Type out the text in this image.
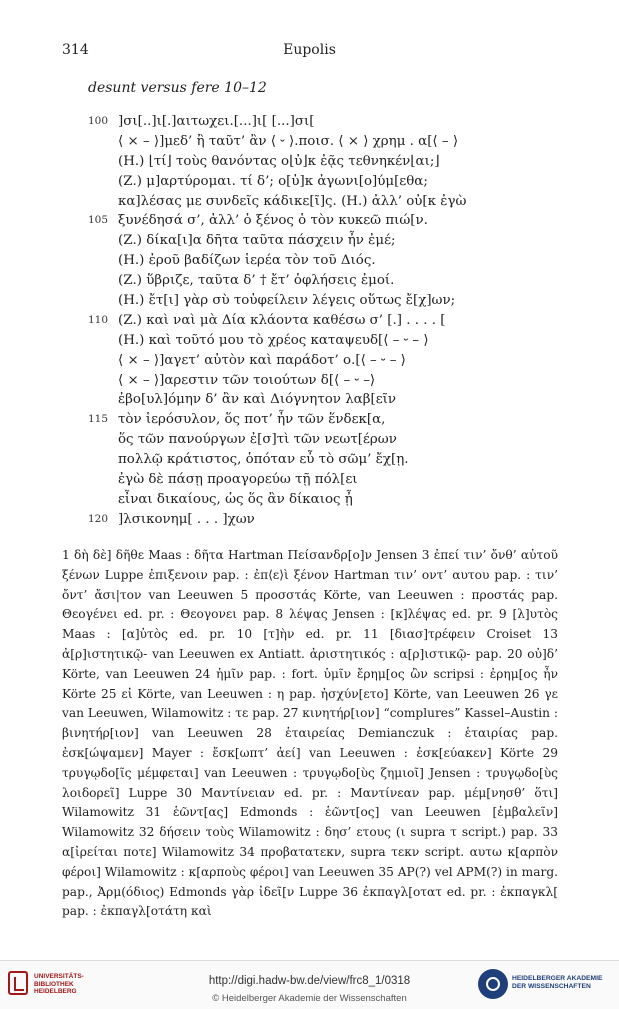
314	Eupolis
desunt versus fere 10–12
100 ]σι[..]ι[.]αιτωχει.[...]ι[ [...]σι[
⟨ × – ⟩]μεδ’ ἢ ταῦτ’ ἂν ⟨ ⏑ ⟩.ποισ. ⟨ × ⟩ χρημ . α[⟨ – ⟩
(Η.) ⌊τί⌋ τοὺς θανόντας ο⌊ὐ⌋κ ἐᾷς τεθνηκέν⌊αι;⌋
(Ζ.) μ]αρτύρομαι. τί δ’; ο[ὐ]κ ἀγωνι[ο]ύμ[εθα;
κα]λέσας με συνδεῖς κάδικε[ῖ]ς. (Η.) ἀλλ’ οὐ[κ ἐγὼ
105 ξυνέδησά σ’, ἀλλ’ ὁ ξένος ὁ τὸν κυκεῶ πιώ[ν.
(Ζ.) δίκα[ι]α δῆτα ταῦτα πάσχειν ἦν ἐμέ;
(Η.) ἐροῦ βαδίζων ἱερέα τὸν τοῦ Διός.
(Ζ.) ὕβριζε, ταῦτα δ’ † ἔτ’ ὀφλήσεις ἐμοί.
(Η.) ἔτ[ι] γὰρ σὺ τοὐφείλειν λέγεις οὕτως ἔ[χ]ων;
110 (Ζ.) καὶ ναὶ μὰ Δία κλάοντα καθέσω σ’ [.] . . . . [
(Η.) καὶ τοῦτό μου τὸ χρέος καταψευδ[⟨ – ⏑ – ⟩
⟨ × – ⟩]αγετ’ αὐτὸν καὶ παράδοτ’ ο.[⟨ – ⏑ – ⟩
⟨ × – ⟩]αρεστιν τῶν τοιούτων δ[⟨ – ⏑ –⟩
ἐβο[υλ]όμην δ’ ἂν καὶ Διόγνητον λαβ[εῖν
115 τὸν ἱερόσυλον, ὅς ποτ’ ἦν τῶν ἕνδεκ[α,
ὅς τῶν πανούργων ἐ[σ]τὶ τῶν νεωτ[έρων
πολλῷ κράτιστος, ὁπόταν εὖ τὸ σῶμ’ ἔχ[ῃ.
ἐγὼ δὲ πάσῃ προαγορεύω τῇ πόλ[ει
εἶναι δικαίους, ὡς ὅς ἂν δίκαιος ᾖ
120 ]λσικονημ[ . . . ]χων
1 δὴ δὲ] δῆθε Maas : δῆτα Hartman Πείσανδρ[ο]ν Jensen 3 ἐπεί τιν’ ὄνθ’ αὐτοῦ ξένων Luppe ἐπιξενοιν pap. : ἐπ⟨ε⟩ὶ ξένον Hartman τιν’ οντ’ αυτου pap. : τιν’ ὄντ’ ἄσι|τον van Leeuwen 5 προσστάς Körte, van Leeuwen : προστάς pap. Θεογένει ed. pr. : Θεογονει pap. 8 λέψας Jensen : [κ]λέψας ed. pr. 9 [λ]υτὸς Maas : [α]ὐτὸς ed. pr. 10 [τ]ὴν ed. pr. 11 [διασ]τρέφειν Croiset 13 ἀ[ρ]ιστητικῷ- van Leeuwen ex Antiatt. ἀριστητικός : α[ρ]ιστικῷ- pap. 20 οὐ]δ’ Körte, van Leeuwen 24 ἡμῖν pap. : fort. ὑμῖν ἔρημ[ος ὢν scripsi : ἐρημ[ος ἦν Körte 25 εἰ Körte, van Leeuwen : η pap. ἠσχύν[ετο] Körte, van Leeuwen 26 γε van Leeuwen, Wilamowitz : τε pap. 27 κινητήρ[ιον] “complures” Kassel–Austin : βινητήρ[ιον] van Leeuwen 28 ἑταιρείας Demianczuk : ἑταιρίας pap. ἐσκ[ώψαμεν] Mayer : ἔσκ[ωπτ’ ἀεί] van Leeuwen : ἐσκ[εύακεν] Körte 29 τρυγῳδο[ῖς μέμφεται] van Leeuwen : τρυγῳδο[ὺς ζημιοῖ] Jensen : τρυγῳδο[ὺς λοιδορεῖ] Luppe 30 Μαντίνειαν ed. pr. : Μαντίνεαν pap. μέμ[νησθ’ ὅτι] Wilamowitz 31 ἑῶντ[ας] Edmonds : ἑῶντ[ος] van Leeuwen [ἐμβαλεῖν] Wilamowitz 32 δήσειν τοὺς Wilamowitz : δησ’ ετους (ι supra τ script.) pap. 33 α[ἰρείται ποτε] Wilamowitz 34 προβατατεκν, supra τεκν script. αυτω κ[αρπὸν φέροι] Wilamowitz : κ[αρποὺς φέροι] van Leeuwen 35 AP(?) vel APM(?) in marg. pap., Ἀρμ(όδιος) Edmonds γὰρ ἰδεῖ[ν Luppe 36 ἐκπαγλ[οτατ ed. pr. : ἐκπαγκλ[ pap. : ἐκπαγλ[οτάτη καὶ
UNIVERSITÄTS-
BIBLIOTHEK
HEIDELBERG
http://digi.hadw-bw.de/view/frc8_1/0318
© Heidelberger Akademie der Wissenschaften
HEIDELBERGER AKADEMIE
DER WISSENSCHAFTEN
